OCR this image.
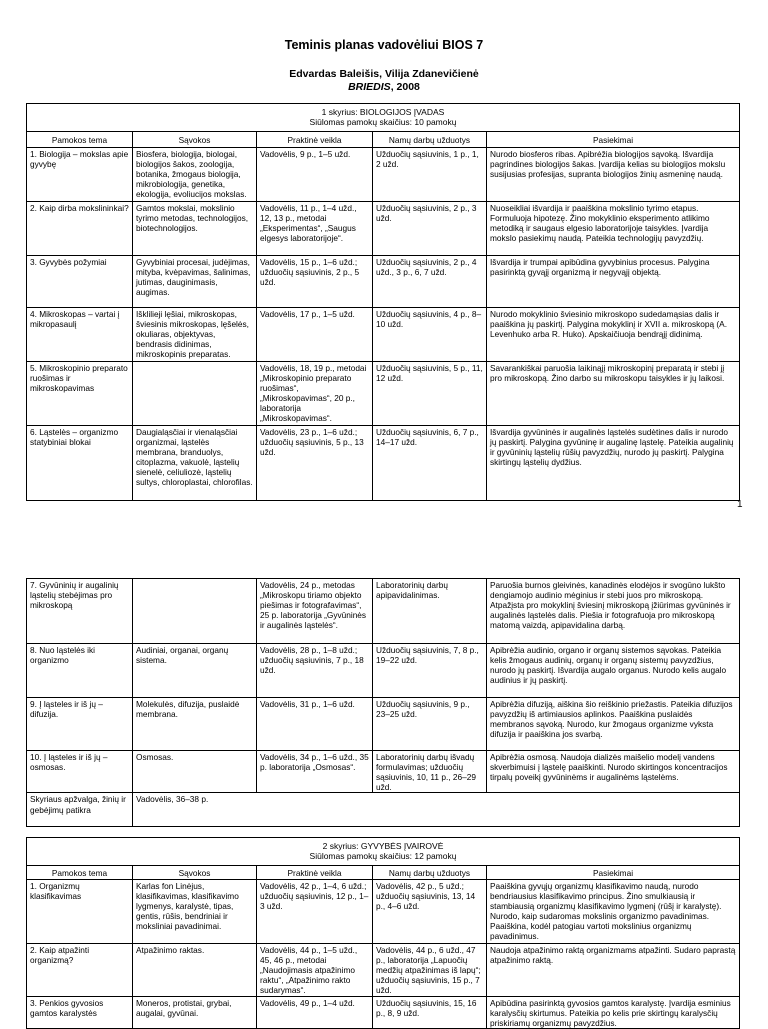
Teminis planas vadovėliui BIOS 7
Edvardas Baleišis, Vilija Zdanevičienė
BRIEDIS, 2008
1 skyrius: BIOLOGIJOS ĮVADAS
Siūlomas pamokų skaičius: 10 pamokų				

Pamokos tema	Sąvokos	Praktinė veikla	Namų darbų užduotys	Pasiekimai
1. Biologija – mokslas apie gyvybę	Biosfera, biologija, biologai, biologijos šakos, zoologija, botanika, žmogaus biologija, mikrobiologija, genetika, ekologija, evoliucijos mokslas.	Vadovėlis, 9 p., 1–5 užd.	Užduočių sąsiuvinis, 1 p., 1, 2 užd.	Nurodo biosferos ribas. Apibrėžia biologijos sąvoką. Išvardija pagrindines biologijos šakas. Įvardija kelias su biologijos mokslu susijusias profesijas, supranta biologijos žinių asmeninę naudą.
2. Kaip dirba mokslininkai?	Gamtos mokslai, mokslinio tyrimo metodas, technologijos, biotechnologijos.	Vadovėlis, 11 p., 1–4 užd., 12, 13 p., metodai „Eksperimentas“, „Saugus elgesys laboratorijoje“.	Užduočių sąsiuvinis, 2 p., 3 užd.	Nuoseikliai išvardija ir paaiškina mokslinio tyrimo etapus. Formuluoja hipotezę. Žino mokyklinio eksperimento atlikimo metodiką ir saugaus elgesio laboratorijoje taisykles. Įvardija mokslo pasiekimų naudą. Pateikia technologijų pavyzdžių.
3. Gyvybės požymiai	Gyvybiniai procesai, judėjimas, mityba, kvėpavimas, šalinimas, jutimas, dauginimasis, augimas.	Vadovėlis, 15 p., 1–6 užd.; užduočių sąsiuvinis, 2 p., 5 užd.	Užduočių sąsiuvinis, 2 p., 4 užd., 3 p., 6, 7 užd.	Išvardija ir trumpai apibūdina gyvybinius procesus. Palygina pasirinktą gyvąjį organizmą ir negyvąjį objektą.
4. Mikroskopas – vartai į mikropasaulį	Išklilieji lęšiai, mikroskopas, šviesinis mikroskopas, lęšelės, okuliaras, objektyvas, bendrasis didinimas, mikroskopinis preparatas.	Vadovėlis, 17 p., 1–5 užd.	Užduočių sąsiuvinis, 4 p., 8–10 užd.	Nurodo mokyklinio šviesinio mikroskopo sudedamąsias dalis ir paaiškina jų paskirtį. Palygina mokyklinį ir XVII a. mikroskopą (A. Levenhuko arba R. Huko). Apskaičiuoja bendrąjį didinimą.
5. Mikroskopinio preparato ruošimas ir mikroskopavimas		Vadovėlis, 18, 19 p., metodai „Mikroskopinio preparato ruošimas“, „Mikroskopavimas“, 20 p., laboratorija „Mikroskopavimas“.	Užduočių sąsiuvinis, 5 p., 11, 12 užd.	Savarankiškai paruošia laikinąjį mikroskopinį preparatą ir stebi jį pro mikroskopą. Žino darbo su mikroskopu taisykles ir jų laikosi.
6. Ląstelės – organizmo statybiniai blokai	Daugialąsčiai ir vienaląsčiai organizmai, ląstelės membrana, branduolys, citoplazma, vakuolė, ląstelių sienelė, celiuliozė, ląstelių sultys, chloroplastai, chlorofilas.	Vadovėlis, 23 p., 1–6 užd.; užduočių sąsiuvinis, 5 p., 13 užd.	Užduočių sąsiuvinis, 6, 7 p., 14–17 užd.	Išvardija gyvūninės ir augalinės ląstelės sudėtines dalis ir nurodo jų paskirtį. Palygina gyvūninę ir augalinę ląstelę. Pateikia augalinių ir gyvūninių ląstelių rūšių pavyzdžių, nurodo jų paskirtį. Palygina skirtingų ląstelių dydžius.
1
7. Gyvūninių ir augalinių ląstelių stebėjimas pro mikroskopą		Vadovėlis, 24 p., metodas „Mikroskopu tiriamo objekto piešimas ir fotografavimas“, 25 p. laboratorija „Gyvūninės ir augalinės ląstelės“.	Laboratorinių darbų apipavidalinimas.	Paruošia burnos gleivinės, kanadinės elodėjos ir svogūno lukšto dengiamojo audinio mėginius ir stebi juos pro mikroskopą. Atpažįsta pro mokyklinį šviesinį mikroskopą įžiūrimas gyvūninės ir augalinės ląstelės dalis. Piešia ir fotografuoja pro mikroskopą matomą vaizdą, apipavidalina darbą.
8. Nuo ląstelės iki organizmo	Audiniai, organai, organų sistema.	Vadovėlis, 28 p., 1–8 užd.; užduočių sąsiuvinis, 7 p., 18 užd.	Užduočių sąsiuvinis, 7, 8 p., 19–22 užd.	Apibrėžia audinio, organo ir organų sistemos sąvokas. Pateikia kelis žmogaus audinių, organų ir organų sistemų pavyzdžius, nurodo jų paskirtį. Išvardija augalo organus. Nurodo kelis augalo audinius ir jų paskirtį.
9. Į ląsteles ir iš jų – difuzija.	Molekulės, difuzija, puslaidė membrana.	Vadovėlis, 31 p., 1–6 užd.	Užduočių sąsiuvinis, 9 p., 23–25 užd.	Apibrėžia difuziją, aiškina šio reiškinio priežastis. Pateikia difuzijos pavyzdžių iš artimiausios aplinkos. Paaiškina puslaidės membranos sąvoką. Nurodo, kur žmogaus organizme vyksta difuzija ir paaiškina jos svarbą.
10. Į ląsteles ir iš jų – osmosas.	Osmosas.	Vadovėlis, 34 p., 1–6 užd., 35 p. laboratorija „Osmosas“.	Laboratorinių darbų išvadų formulavimas; užduočių sąsiuvinis, 10, 11 p., 26–29 užd.	Apibrėžia osmosą. Naudoja dializės maišelio modelį vandens skverbimuisi į ląstelę paaiškinti. Nurodo skirtingos koncentracijos tirpalų poveikį gyvūninėms ir augalinėms ląstelėms.
Skyriaus apžvalga, žinių ir gebėjimų patikra	Vadovėlis, 36–38 p.			
2 skyrius: GYVYBĖS ĮVAIROVĖ
Siūlomas pamokų skaičius: 12 pamokų				

Pamokos tema	Sąvokos	Praktinė veikla	Namų darbų užduotys	Pasiekimai
1. Organizmų klasifikavimas	Karlas fon Linėjus, klasifikavimas, klasifikavimo lygmenys, karalystė, tipas, gentis, rūšis, bendriniai ir moksliniai pavadinimai.	Vadovėlis, 42 p., 1–4, 6 užd.; užduočių sąsiuvinis, 12 p., 1–3 užd.	Vadovėlis, 42 p., 5 užd.; užduočių sąsiuvinis, 13, 14 p., 4–6 užd.	Paaiškina gyvųjų organizmų klasifikavimo naudą, nurodo bendriausius klasifikavimo principus. Žino smulkiausią ir stambiausią organizmų klasifikavimo lygmenį (rūšį ir karalystę). Nurodo, kaip sudaromas mokslinis organizmo pavadinimas. Paaiškina, kodėl patogiau vartoti mokslinius organizmų pavadinimus.
2. Kaip atpažinti organizmą?	Atpažinimo raktas.	Vadovėlis, 44 p., 1–5 užd., 45, 46 p., metodai „Naudojimasis atpažinimo raktu“, „Atpažinimo rakto sudarymas“.	Vadovėlis, 44 p., 6 užd., 47 p., laboratorija „Lapuočių medžių atpažinimas iš lapų“; užduočių sąsiuvinis, 15 p., 7 užd.	Naudoja atpažinimo raktą organizmams atpažinti. Sudaro paprastą atpažinimo raktą.
3. Penkios gyvosios gamtos karalystės	Moneros, protistai, grybai, augalai, gyvūnai.	Vadovėlis, 49 p., 1–4 užd.	Užduočių sąsiuvinis, 15, 16 p., 8, 9 užd.	Apibūdina pasirinktą gyvosios gamtos karalystę. Įvardija esminius karalysčių skirtumus. Pateikia po kelis prie skirtingų karalysčių priskiriamų organizmų pavyzdžius.
